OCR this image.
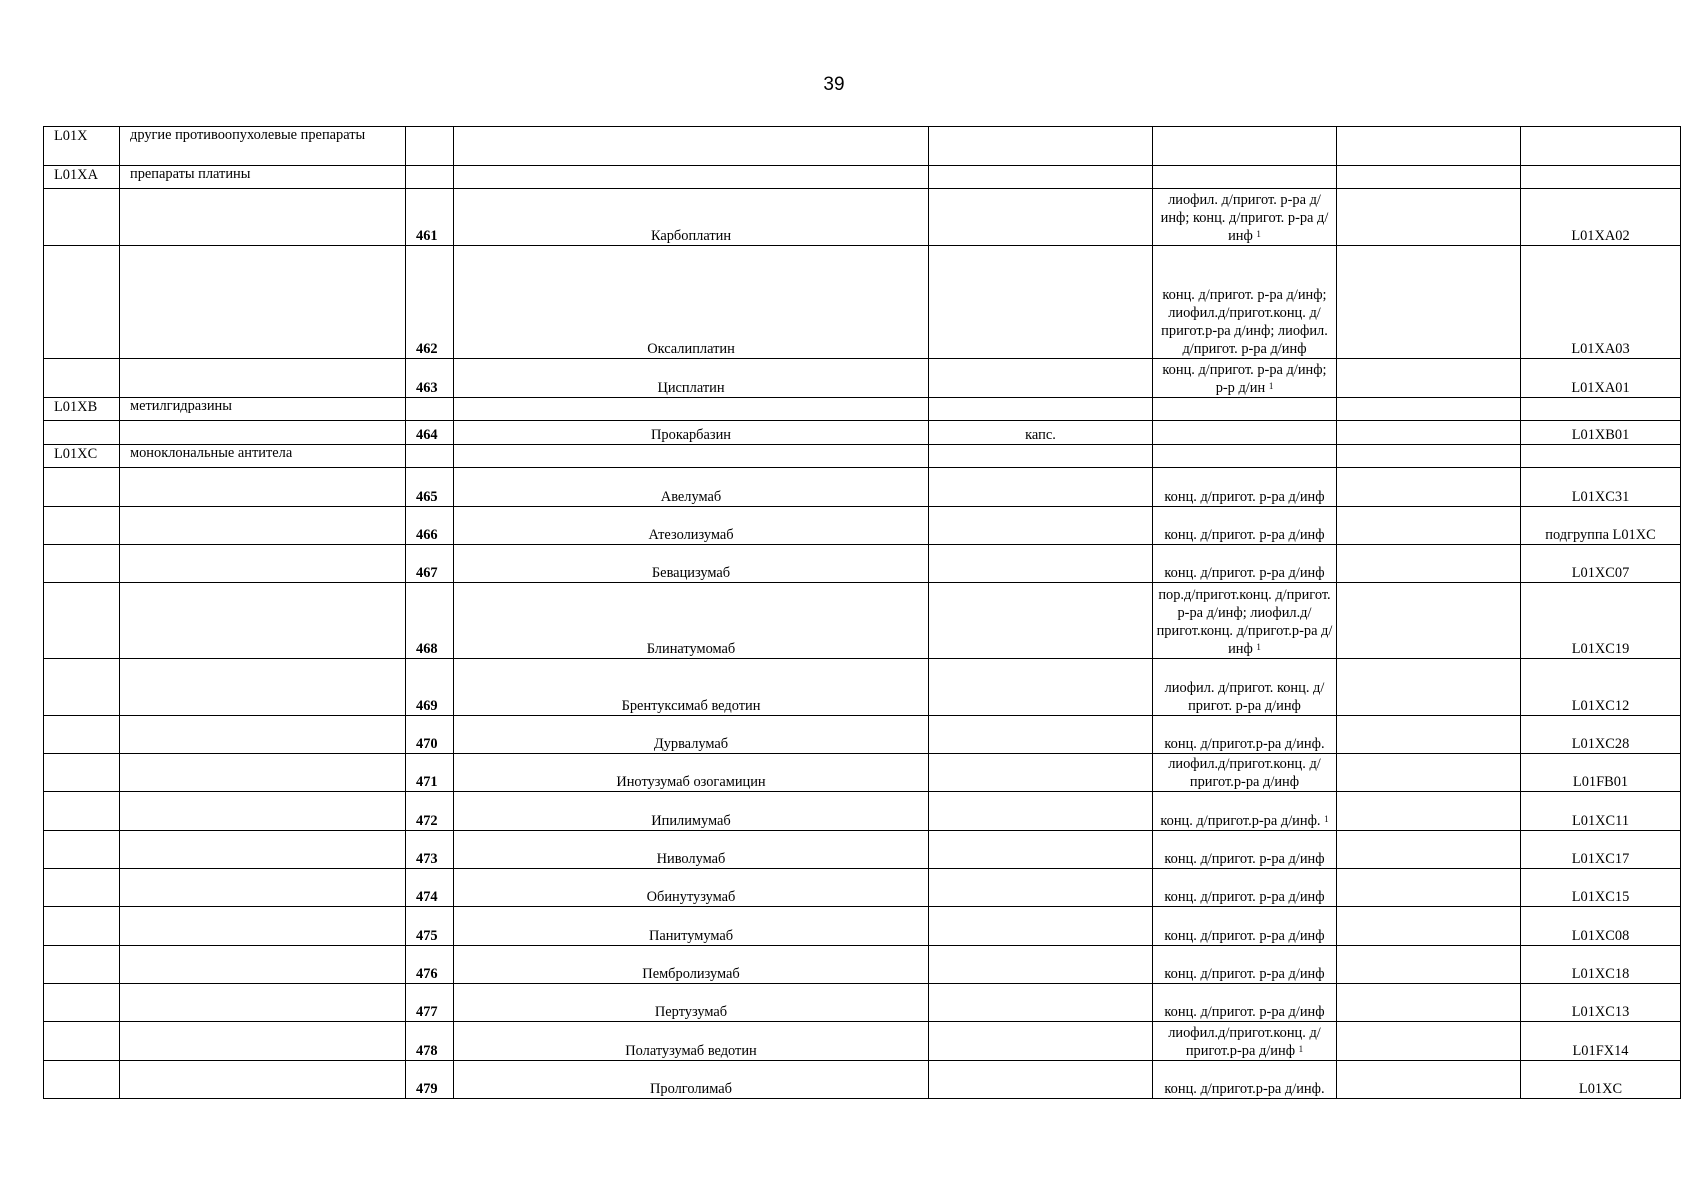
39
L01X	другие противоопухолевые препараты						
L01XA	препараты платины						
		461	Карбоплатин		лиофил. д/пригот. р-ра д/инф; конц. д/пригот. р-ра д/инф $^1$		L01XA02
		462	Оксалиплатин		конц. д/пригот. р-ра д/инф; лиофил.д/пригот.конц. д/пригот.р-ра д/инф; лиофил. д/пригот. р-ра д/инф		L01XA03
		463	Цисплатин		конц. д/пригот. р-ра д/инф; р-р д/ин $^1$		L01XA01
L01XB	метилгидразины						
		464	Прокарбазин	капс.			L01XB01
L01XC	моноклональные антитела						
		465	Авелумаб		конц. д/пригот. р-ра д/инф		L01XC31
		466	Атезолизумаб		конц. д/пригот. р-ра д/инф		подгруппа L01XC
		467	Бевацизумаб		конц. д/пригот. р-ра д/инф		L01XC07
		468	Блинатумомаб		пор.д/пригот.конц. д/пригот. р-ра д/инф; лиофил.д/пригот.конц. д/пригот.р-ра д/инф $^1$		L01XC19
		469	Брентуксимаб ведотин		лиофил. д/пригот. конц. д/пригот. р-ра д/инф		L01XC12
		470	Дурвалумаб		конц. д/пригот.р-ра д/инф.		L01XC28
		471	Инотузумаб озогамицин		лиофил.д/пригот.конц. д/пригот.р-ра д/инф		L01FB01
		472	Ипилимумаб		конц. д/пригот.р-ра д/инф. $^1$		L01XC11
		473	Ниволумаб		конц. д/пригот. р-ра д/инф		L01XC17
		474	Обинутузумаб		конц. д/пригот. р-ра д/инф		L01XC15
		475	Панитумумаб		конц. д/пригот. р-ра д/инф		L01XC08
		476	Пембролизумаб		конц. д/пригот. р-ра д/инф		L01XC18
		477	Пертузумаб		конц. д/пригот. р-ра д/инф		L01XC13
		478	Полатузумаб ведотин		лиофил.д/пригот.конц. д/пригот.р-ра д/инф $^1$		L01FX14
		479	Пролголимаб		конц. д/пригот.р-ра д/инф.		L01XC
